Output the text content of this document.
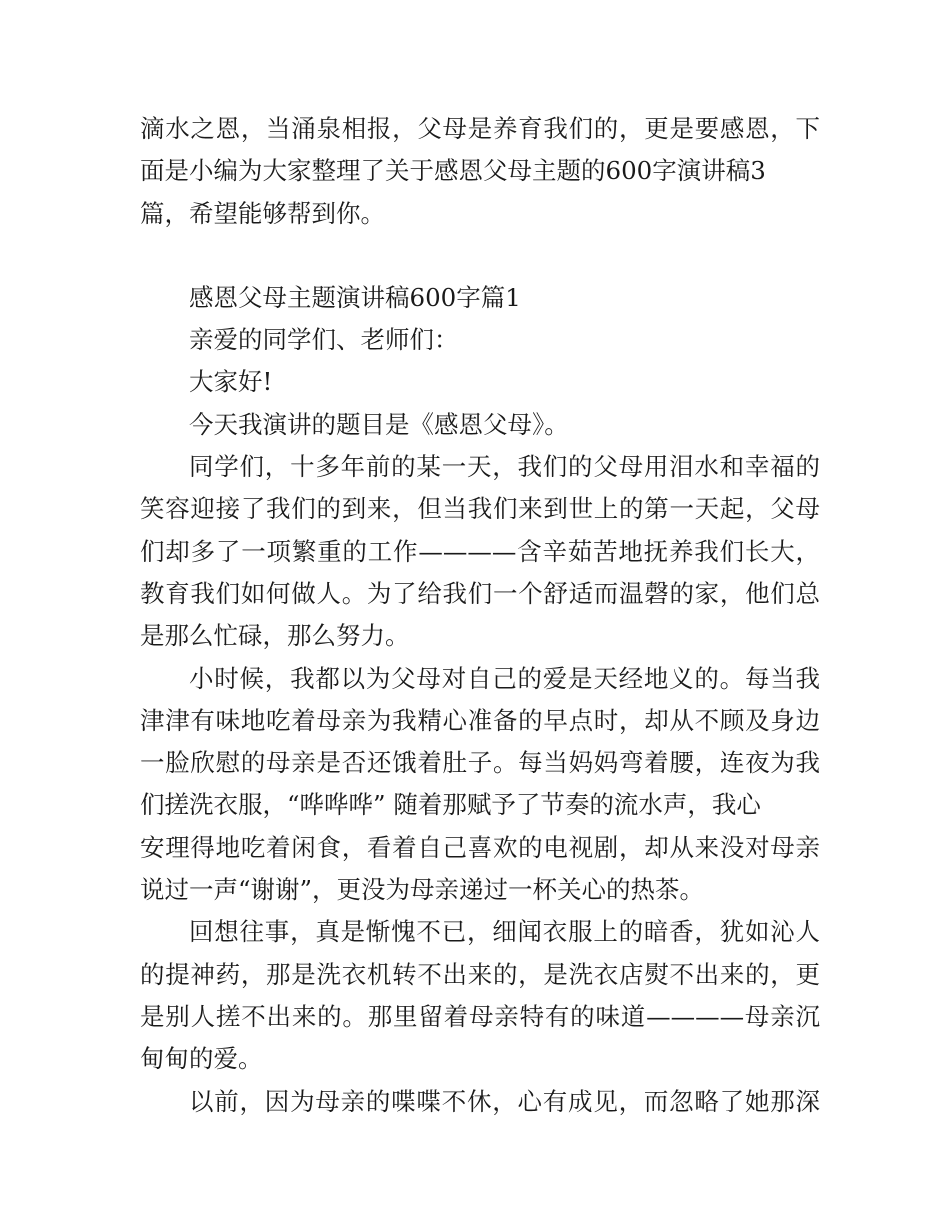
滴水之恩，当涌泉相报，父母是养育我们的，更是要感恩，下
面是小编为大家整理了关于感恩父母主题的600字演讲稿3
篇，希望能够帮到你。
感恩父母主题演讲稿600字篇1
亲爱的同学们、老师们：
大家好!
今天我演讲的题目是《感恩父母》。
同学们，十多年前的某一天，我们的父母用泪水和幸福的
笑容迎接了我们的到来，但当我们来到世上的第一天起，父母
们却多了一项繁重的工作————含辛茹苦地抚养我们长大，
教育我们如何做人。为了给我们一个舒适而温磬的家，他们总
是那么忙碌，那么努力。
小时候，我都以为父母对自己的爱是天经地义的。每当我
津津有味地吃着母亲为我精心准备的早点时，却从不顾及身边
一脸欣慰的母亲是否还饿着肚子。每当妈妈弯着腰，连夜为我
们搓洗衣服，“哗哗哗” 随着那赋予了节奏的流水声，我心
安理得地吃着闲食，看着自己喜欢的电视剧，却从来没对母亲
说过一声“谢谢”，更没为母亲递过一杯关心的热茶。
回想往事，真是惭愧不已，细闻衣服上的暗香，犹如沁人
的提神药，那是洗衣机转不出来的，是洗衣店熨不出来的，更
是别人搓不出来的。那里留着母亲特有的味道————母亲沉
甸甸的爱。
以前，因为母亲的喋喋不休，心有成见，而忽略了她那深
